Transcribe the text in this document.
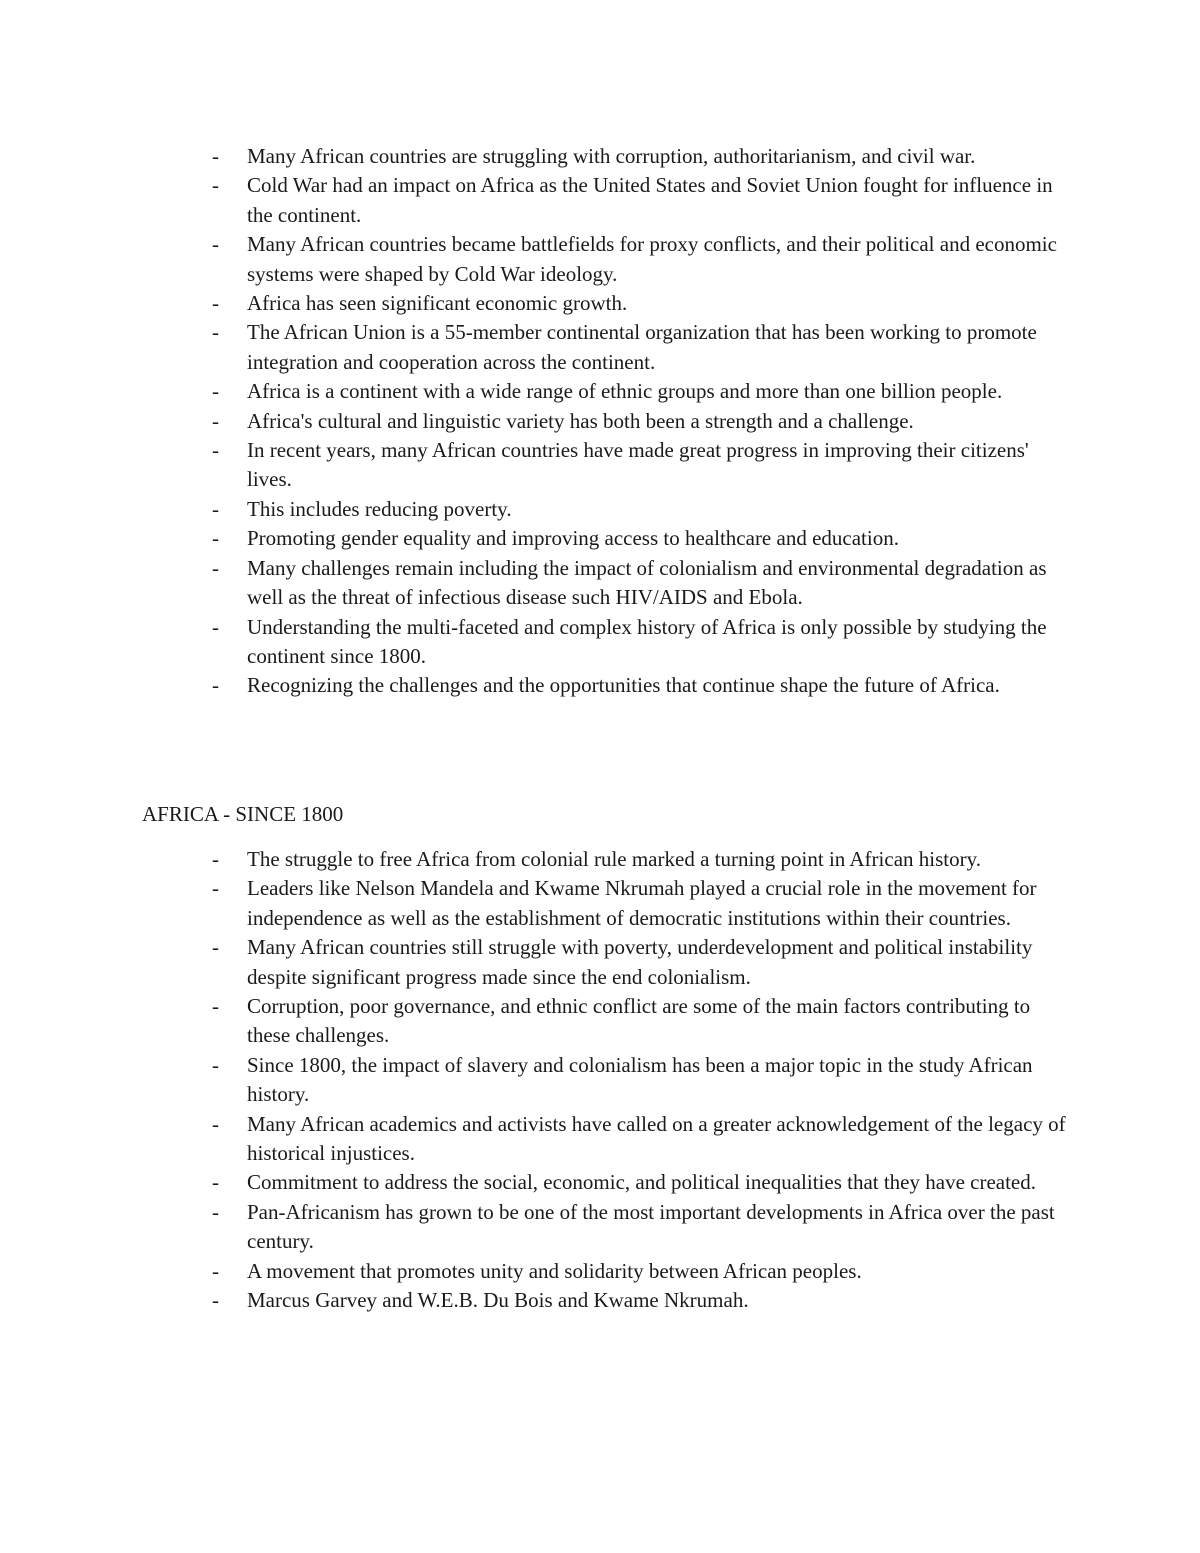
- Many African countries are struggling with corruption, authoritarianism, and civil war.
- Cold War had an impact on Africa as the United States and Soviet Union fought for influence in the continent.
- Many African countries became battlefields for proxy conflicts, and their political and economic systems were shaped by Cold War ideology.
- Africa has seen significant economic growth.
- The African Union is a 55-member continental organization that has been working to promote integration and cooperation across the continent.
- Africa is a continent with a wide range of ethnic groups and more than one billion people.
- Africa's cultural and linguistic variety has both been a strength and a challenge.
- In recent years, many African countries have made great progress in improving their citizens' lives.
- This includes reducing poverty.
- Promoting gender equality and improving access to healthcare and education.
- Many challenges remain including the impact of colonialism and environmental degradation as well as the threat of infectious disease such HIV/AIDS and Ebola.
- Understanding the multi-faceted and complex history of Africa is only possible by studying the continent since 1800.
- Recognizing the challenges and the opportunities that continue shape the future of Africa.
AFRICA - SINCE 1800
- The struggle to free Africa from colonial rule marked a turning point in African history.
- Leaders like Nelson Mandela and Kwame Nkrumah played a crucial role in the movement for independence as well as the establishment of democratic institutions within their countries.
- Many African countries still struggle with poverty, underdevelopment and political instability despite significant progress made since the end colonialism.
- Corruption, poor governance, and ethnic conflict are some of the main factors contributing to these challenges.
- Since 1800, the impact of slavery and colonialism has been a major topic in the study African history.
- Many African academics and activists have called on a greater acknowledgement of the legacy of historical injustices.
- Commitment to address the social, economic, and political inequalities that they have created.
- Pan-Africanism has grown to be one of the most important developments in Africa over the past century.
- A movement that promotes unity and solidarity between African peoples.
- Marcus Garvey and W.E.B. Du Bois and Kwame Nkrumah.
